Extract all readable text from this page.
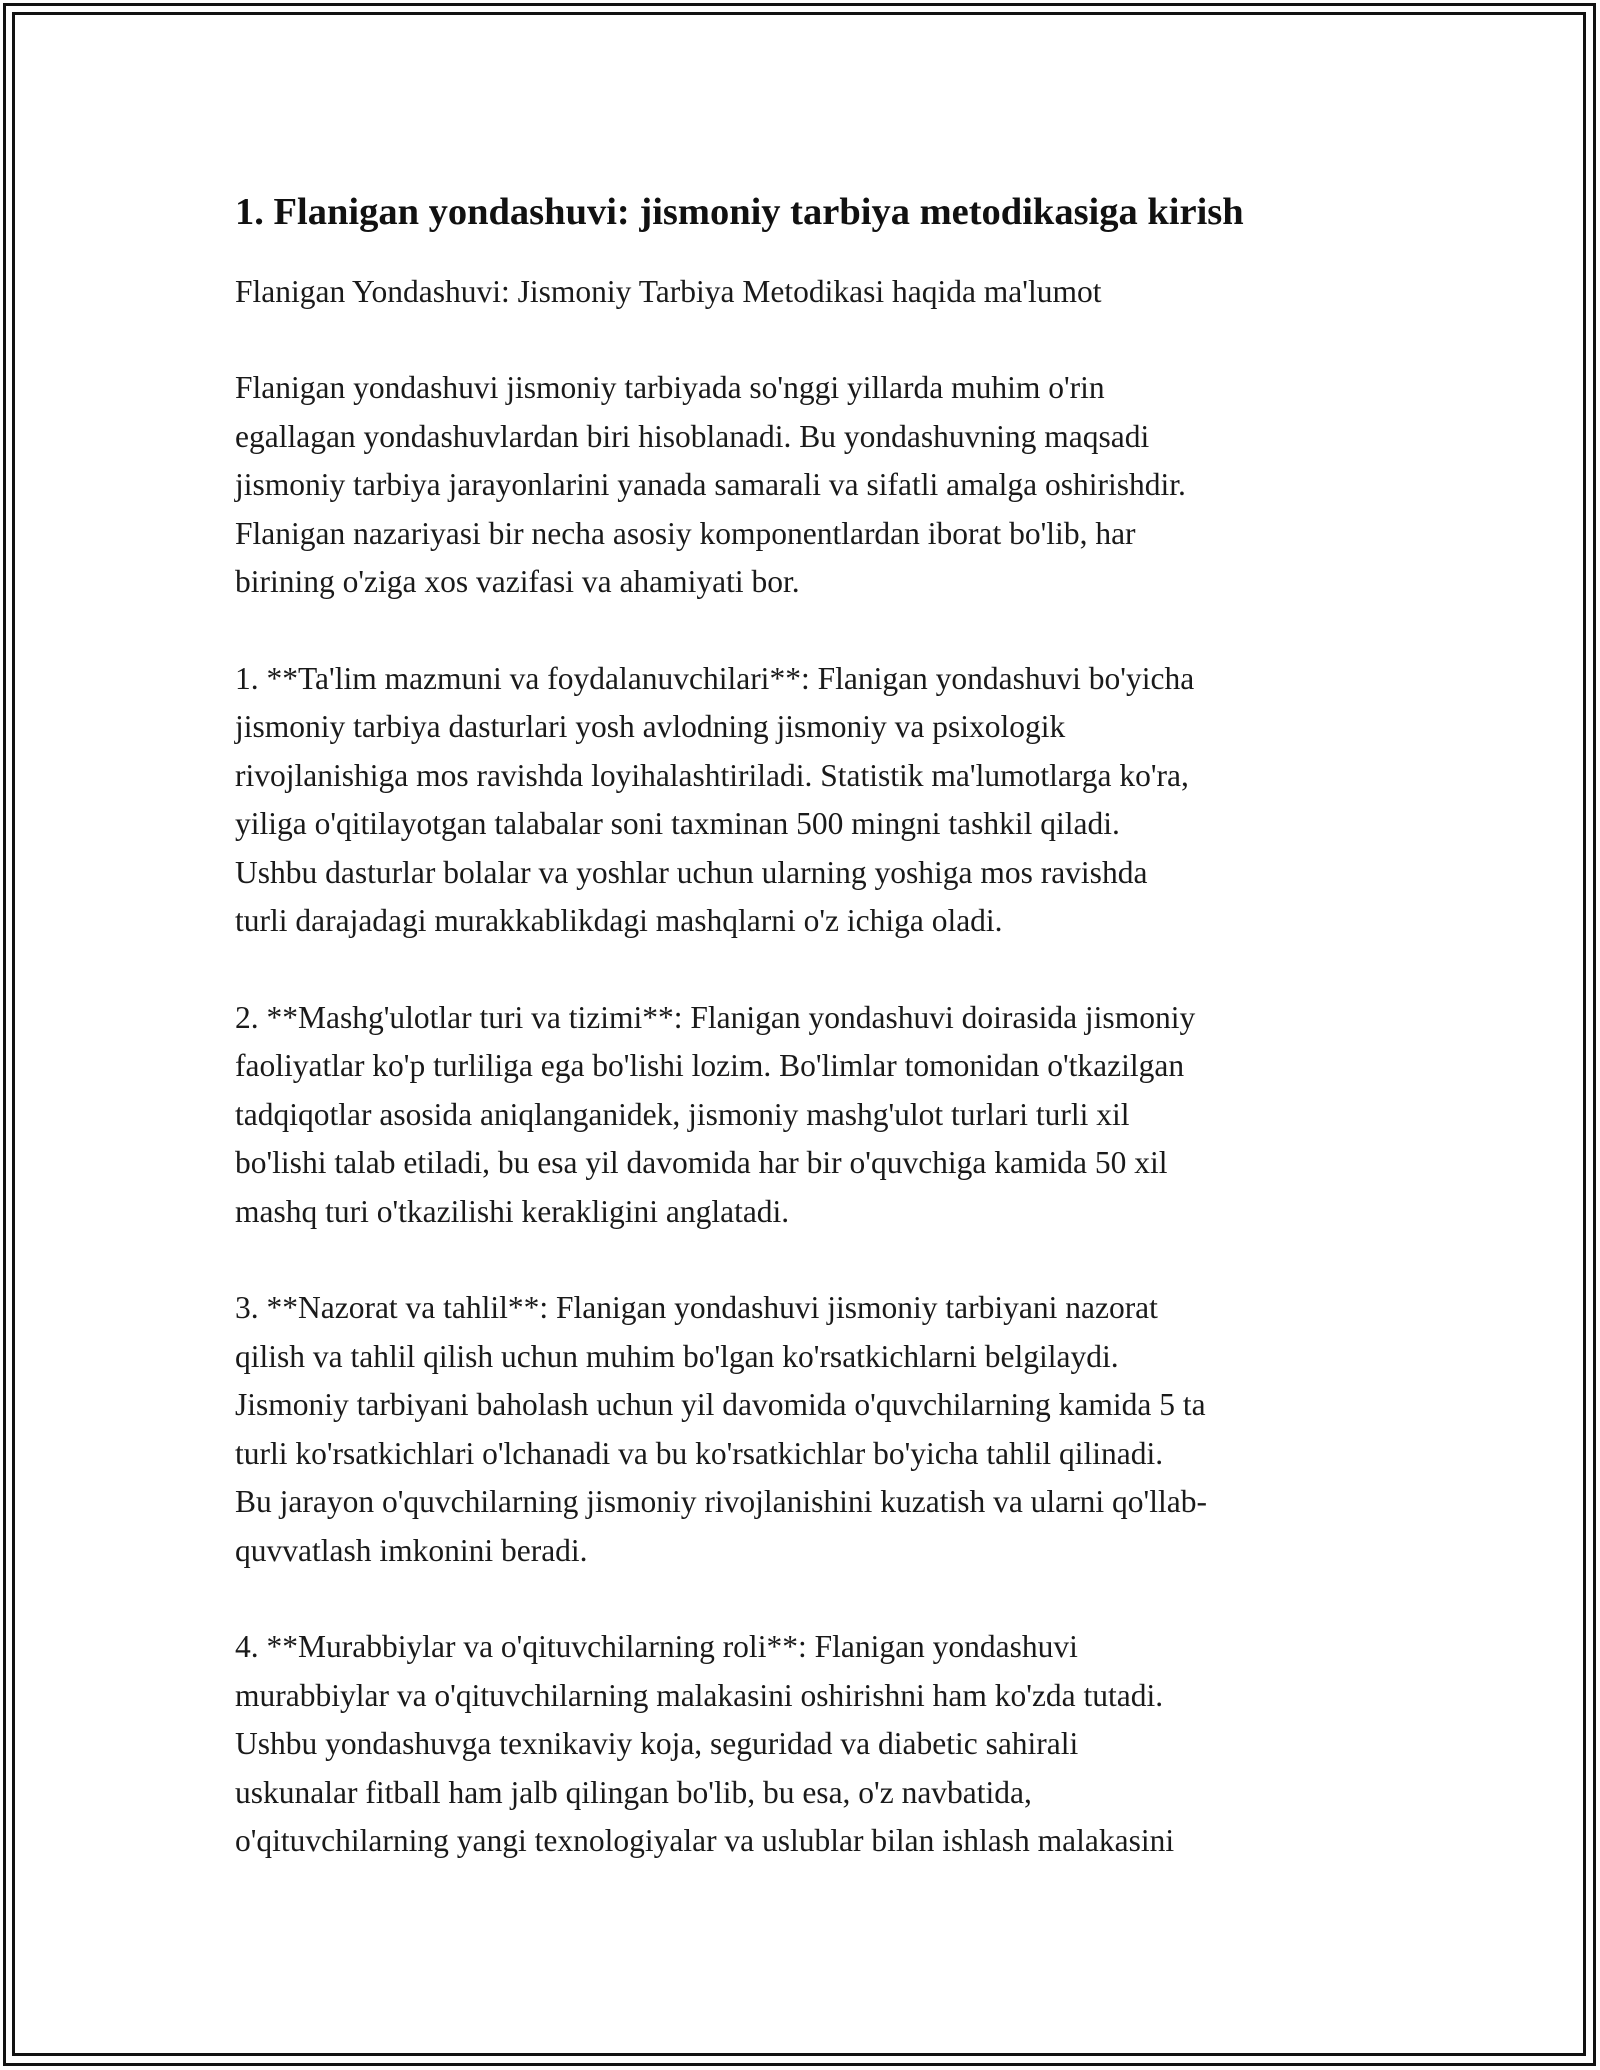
1. Flanigan yondashuvi: jismoniy tarbiya metodikasiga kirish
Flanigan Yondashuvi: Jismoniy Tarbiya Metodikasi haqida ma'lumot
Flanigan yondashuvi jismoniy tarbiyada so'nggi yillarda muhim o'rin
egallagan yondashuvlardan biri hisoblanadi. Bu yondashuvning maqsadi
jismoniy tarbiya jarayonlarini yanada samarali va sifatli amalga oshirishdir.
Flanigan nazariyasi bir necha asosiy komponentlardan iborat bo'lib, har
birining o'ziga xos vazifasi va ahamiyati bor.
1. **Ta'lim mazmuni va foydalanuvchilari**: Flanigan yondashuvi bo'yicha
jismoniy tarbiya dasturlari yosh avlodning jismoniy va psixologik
rivojlanishiga mos ravishda loyihalashtiriladi. Statistik ma'lumotlarga ko'ra,
yiliga o'qitilayotgan talabalar soni taxminan 500 mingni tashkil qiladi.
Ushbu dasturlar bolalar va yoshlar uchun ularning yoshiga mos ravishda
turli darajadagi murakkablikdagi mashqlarni o'z ichiga oladi.
2. **Mashg'ulotlar turi va tizimi**: Flanigan yondashuvi doirasida jismoniy
faoliyatlar ko'p turliliga ega bo'lishi lozim. Bo'limlar tomonidan o'tkazilgan
tadqiqotlar asosida aniqlanganidek, jismoniy mashg'ulot turlari turli xil
bo'lishi talab etiladi, bu esa yil davomida har bir o'quvchiga kamida 50 xil
mashq turi o'tkazilishi kerakligini anglatadi.
3. **Nazorat va tahlil**: Flanigan yondashuvi jismoniy tarbiyani nazorat
qilish va tahlil qilish uchun muhim bo'lgan ko'rsatkichlarni belgilaydi.
Jismoniy tarbiyani baholash uchun yil davomida o'quvchilarning kamida 5 ta
turli ko'rsatkichlari o'lchanadi va bu ko'rsatkichlar bo'yicha tahlil qilinadi.
Bu jarayon o'quvchilarning jismoniy rivojlanishini kuzatish va ularni qo'llab-
quvvatlash imkonini beradi.
4. **Murabbiylar va o'qituvchilarning roli**: Flanigan yondashuvi
murabbiylar va o'qituvchilarning malakasini oshirishni ham ko'zda tutadi.
Ushbu yondashuvga texnikaviy koja, seguridad va diabetic sahirali
uskunalar fitball ham jalb qilingan bo'lib, bu esa, o'z navbatida,
o'qituvchilarning yangi texnologiyalar va uslublar bilan ishlash malakasini
